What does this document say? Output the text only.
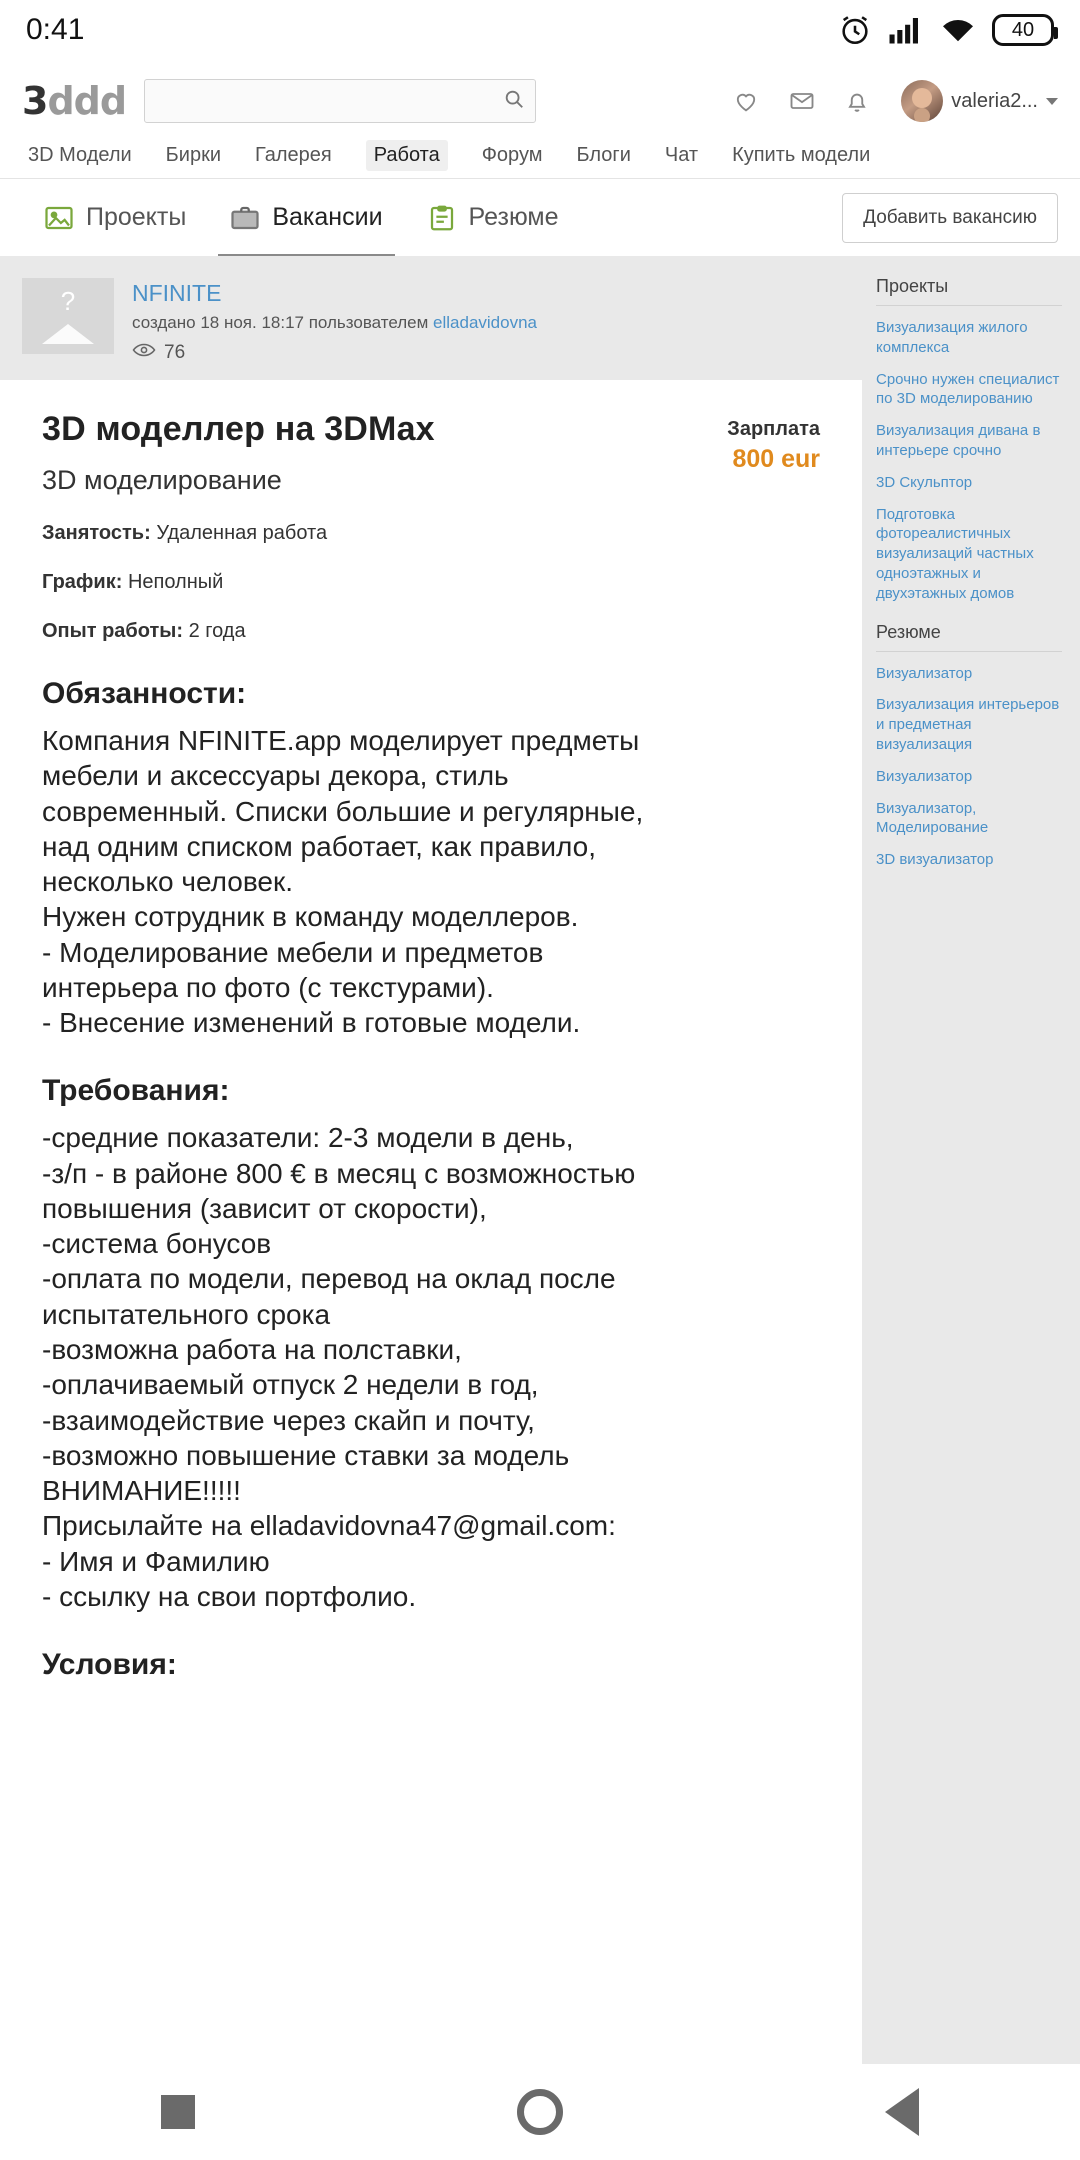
0:41	40
3ddd	valeria2...
3D Модели Бирки Галерея	Работа	Форум Блоги Чат Купить модели
Проекты	Вакансии	Резюме	Добавить вакансию
? NFINITE
создано 18 ноя. 18:17 пользователем elladavidovna
76
3D моделлер на 3DMax
3D моделирование
Зарплата
800 eur
Занятость: Удаленная работа
График: Неполный
Опыт работы: 2 года
Обязанности:
Компания NFINITE.app моделирует предметы
мебели и аксессуары декора, стиль
современный. Списки большие и регулярные,
над одним списком работает, как правило,
несколько человек.
Нужен сотрудник в команду моделлеров.
- Моделирование мебели и предметов
интерьера по фото (с текстурами).
- Внесение изменений в готовые модели.
Требования:
-средние показатели: 2-3 модели в день,
-з/п - в районе 800 € в месяц с возможностью
повышения (зависит от скорости),
-система бонусов
-оплата по модели, перевод на оклад после
испытательного срока
-возможна работа на полставки,
-оплачиваемый отпуск 2 недели в год,
-взаимодействие через скайп и почту,
-возможно повышение ставки за модель
ВНИМАНИЕ!!!!!
Присылайте на elladavidovna47@gmail.com:
- Имя и Фамилию
- ссылку на свои портфолио.
Условия:
Проекты
Визуализация жилого комплекса
Срочно нужен специалист по 3D моделированию
Визуализация дивана в интерьере срочно
3D Скульптор
Подготовка фотореалистичных визуализаций частных одноэтажных и двухэтажных домов
Резюме
Визуализатор
Визуализация интерьеров и предметная визуализация
Визуализатор
Визуализатор, Моделирование
3D визуализатор
